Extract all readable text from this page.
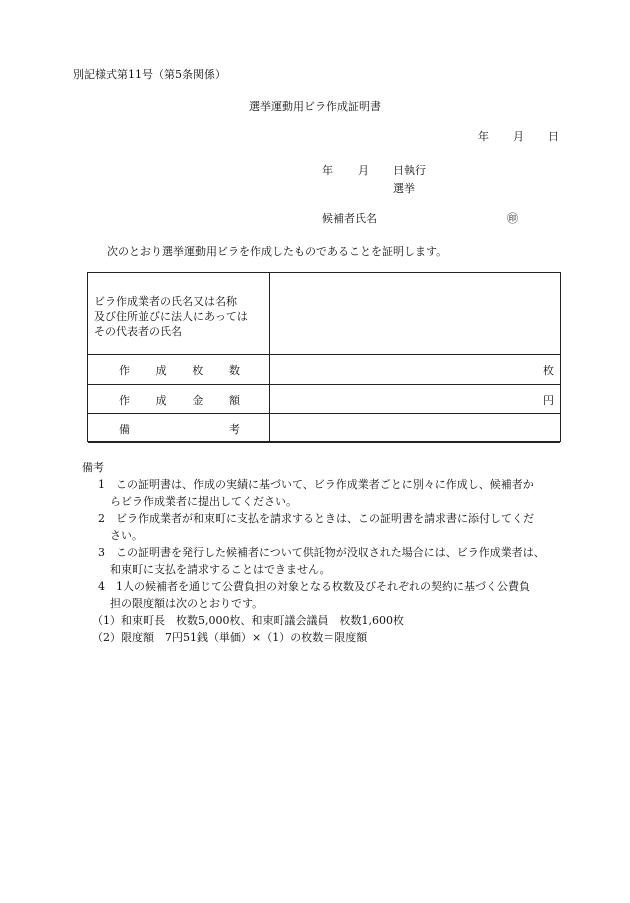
別記様式第11号（第5条関係）
選挙運動用ビラ作成証明書
年 月 日
年 月 日執行
選挙
候補者氏名	㊞
次のとおり選挙運動用ビラを作成したものであることを証明します。
ビラ作成業者の氏名又は名称
及び住所並びに法人にあっては
その代表者の氏名
作 成 枚 数	枚
作 成 金 額	円
備	考
備考
1　この証明書は、作成の実績に基づいて、ビラ作成業者ごとに別々に作成し、候補者か
らビラ作成業者に提出してください。
2　ビラ作成業者が和束町に支払を請求するときは、この証明書を請求書に添付してくだ
さい。
3　この証明書を発行した候補者について供託物が没収された場合には、ビラ作成業者は、
和束町に支払を請求することはできません。
4　1人の候補者を通じて公費負担の対象となる枚数及びそれぞれの契約に基づく公費負
担の限度額は次のとおりです。
（1）和束町長　枚数5,000枚、和束町議会議員　枚数1,600枚
（2）限度額　7円51銭（単価）×（1）の枚数＝限度額
